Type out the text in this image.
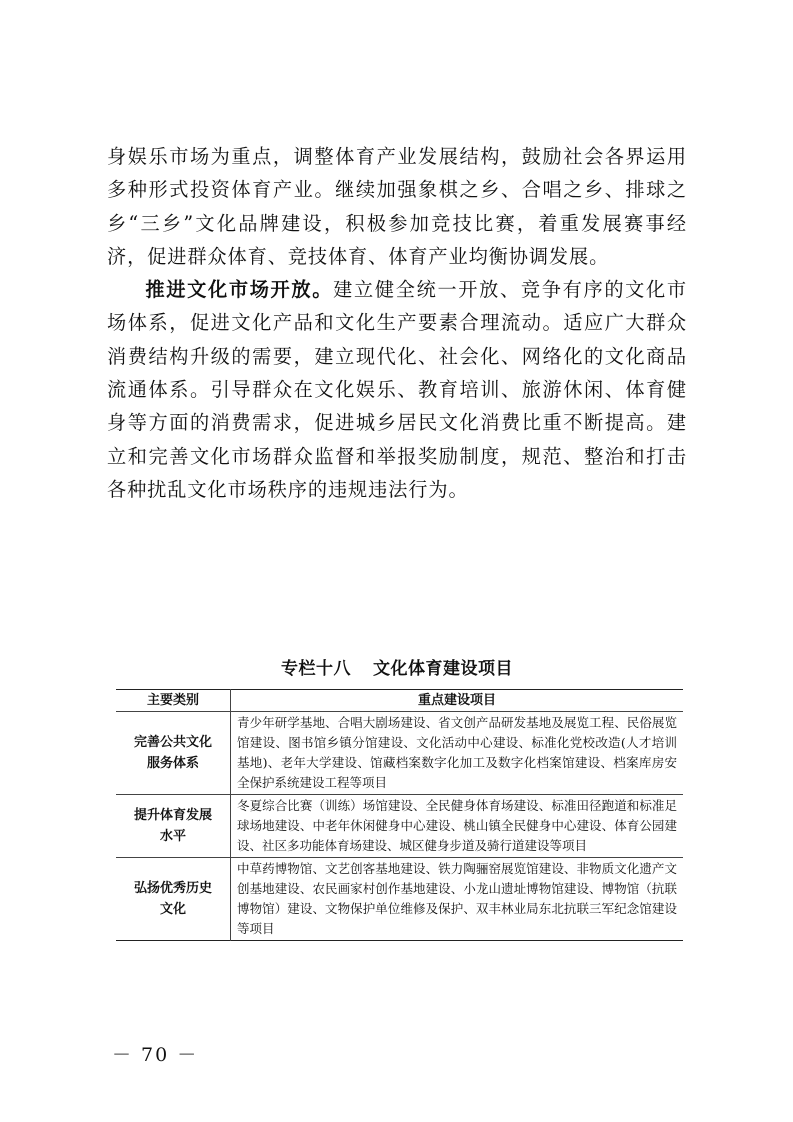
身娱乐市场为重点，调整体育产业发展结构，鼓励社会各界运用多种形式投资体育产业。继续加强象棋之乡、合唱之乡、排球之乡“三乡”文化品牌建设，积极参加竞技比赛，着重发展赛事经济，促进群众体育、竞技体育、体育产业均衡协调发展。

推进文化市场开放。建立健全统一开放、竞争有序的文化市场体系，促进文化产品和文化生产要素合理流动。适应广大群众消费结构升级的需要，建立现代化、社会化、网络化的文化商品流通体系。引导群众在文化娱乐、教育培训、旅游休闲、体育健身等方面的消费需求，促进城乡居民文化消费比重不断提高。建立和完善文化市场群众监督和举报奖励制度，规范、整治和打击各种扰乱文化市场秩序的违规违法行为。

专栏十八 文化体育建设项目
主要类别	重点建设项目
完善公共文化
服务体系	青少年研学基地、合唱大剧场建设、省文创产品研发基地及展览工程、民俗展览馆建设、图书馆乡镇分馆建设、文化活动中心建设、标准化党校改造(人才培训基地)、老年大学建设、馆藏档案数字化加工及数字化档案馆建设、档案库房安全保护系统建设工程等项目
提升体育发展
水平	冬夏综合比赛（训练）场馆建设、全民健身体育场建设、标准田径跑道和标准足球场地建设、中老年休闲健身中心建设、桃山镇全民健身中心建设、体育公园建设、社区多功能体育场建设、城区健身步道及骑行道建设等项目
弘扬优秀历史
文化	中草药博物馆、文艺创客基地建设、铁力陶骊窑展览馆建设、非物质文化遗产文创基地建设、农民画家村创作基地建设、小龙山遗址博物馆建设、博物馆（抗联博物馆）建设、文物保护单位维修及保护、双丰林业局东北抗联三军纪念馆建设等项目
－ 70 －
